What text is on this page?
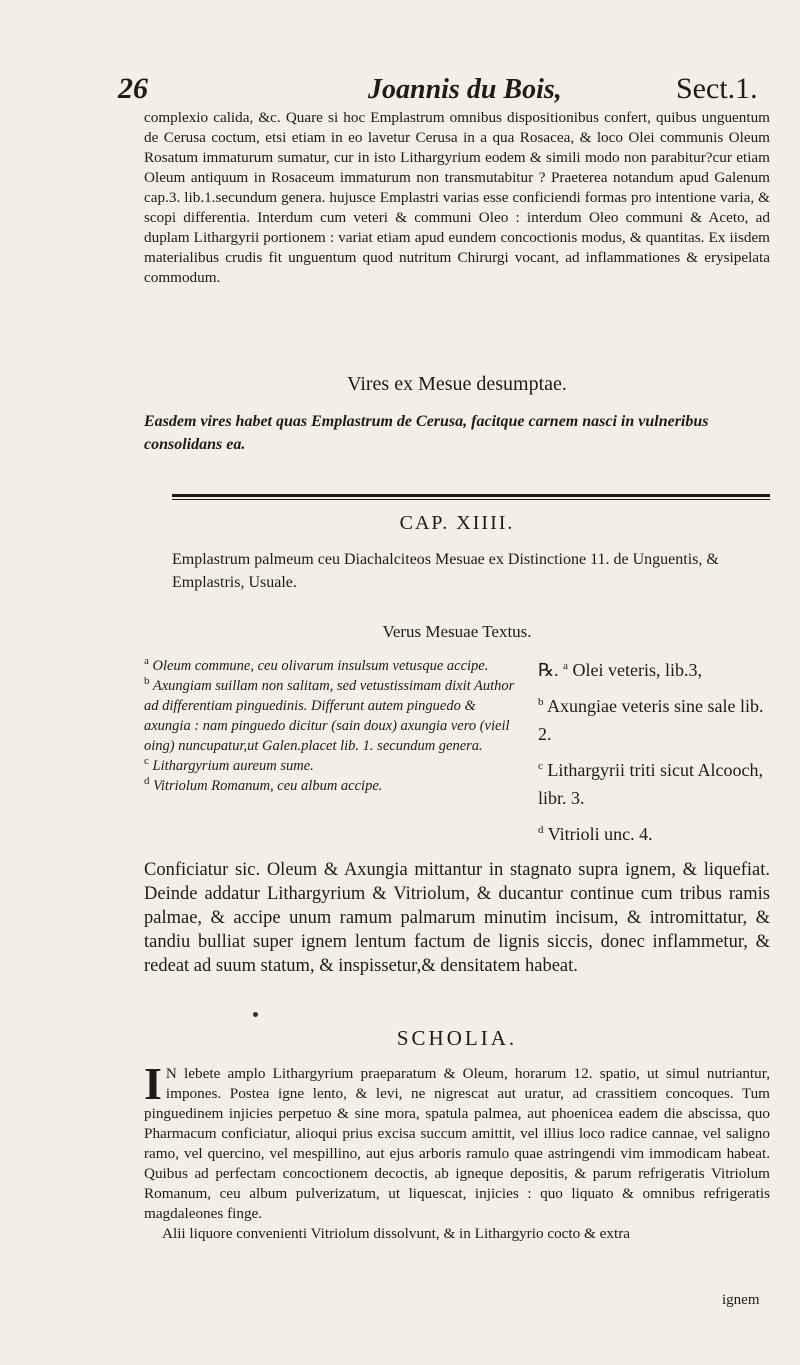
26	Joannis du Bois,	Sect.1.

complexio calida, &c. Quare si hoc Emplastrum omnibus dispositionibus confert, quibus unguentum de Cerusa coctum, etsi etiam in eo lavetur Cerusa in a qua Rosacea, & loco Olei communis Oleum Rosatum immaturum sumatur, cur in isto Lithargyrium eodem & simili modo non parabitur?cur etiam Oleum antiquum in Rosaceum immaturum non transmutabitur ? Praeterea notandum apud Galenum cap.3. lib.1.secundum genera. hujusce Emplastri varias esse conficiendi formas pro intentione varia, & scopi differentia. Interdum cum veteri & communi Oleo : interdum Oleo communi & Aceto, ad duplam Lithargyrii portionem : variat etiam apud eundem concoctionis modus, & quantitas. Ex iisdem materialibus crudis fit unguentum quod nutritum Chirurgi vocant, ad inflammationes & erysipelata commodum.

Vires ex Mesue desumptae.
Easdem vires habet quas Emplastrum de Cerusa, facitque carnem nasci in vulneribus consolidans ea.
CAP. XIIII.
Emplastrum palmeum ceu Diachalciteos Mesuae ex Distinctione 11. de Unguentis, & Emplastris, Usuale.
Verus Mesuae Textus.

$^a$ Oleum commune, ceu olivarum insulsum vetusque accipe.

$^b$ Axungiam suillam non salitam, sed vetustissimam dixit Author ad differentiam pinguedinis. Differunt autem pinguedo & axungia : nam pinguedo dicitur (sain doux) axungia vero (vieil oing) nuncupatur,ut Galen.placet lib. 1. secundum genera.

$^c$ Lithargyrium aureum sume.

$^d$ Vitriolum Romanum, ceu album accipe.

℞. $^a$ Olei veteris, lib.3,

$^b$ Axungiae veteris sine sale lib. 2.

$^c$ Lithargyrii triti sicut Alcooch, libr. 3.

$^d$ Vitrioli unc. 4.

Conficiatur sic. Oleum & Axungia mittantur in stagnato supra ignem, & liquefiat. Deinde addatur Lithargyrium & Vitriolum, & ducantur continue cum tribus ramis palmae, & accipe unum ramum palmarum minutim incisum, & intromittatur, & tandiu bulliat super ignem lentum factum de lignis siccis, donec inflammetur, & redeat ad suum statum, & inspissetur,& densitatem habeat.
SCHOLIA.

I N lebete amplo Lithargyrium praeparatum & Oleum, horarum 12. spatio, ut simul nutriantur, impones. Postea igne lento, & levi, ne nigrescat aut uratur, ad crassitiem concoques. Tum pinguedinem injicies perpetuo & sine mora, spatula palmea, aut phoenicea eadem die abscissa, quo Pharmacum conficiatur, alioqui prius excisa succum amittit, vel illius loco radice cannae, vel saligno ramo, vel quercino, vel mespillino, aut ejus arboris ramulo quae astringendi vim immodicam habeat. Quibus ad perfectam concoctionem decoctis, ab igneque depositis, & parum refrigeratis Vitriolum Romanum, ceu album pulverizatum, ut liquescat, injicies : quo liquato & omnibus refrigeratis magdaleones finge.

Alii liquore convenienti Vitriolum dissolvunt, & in Lithargyrio cocto & extra

ignem
